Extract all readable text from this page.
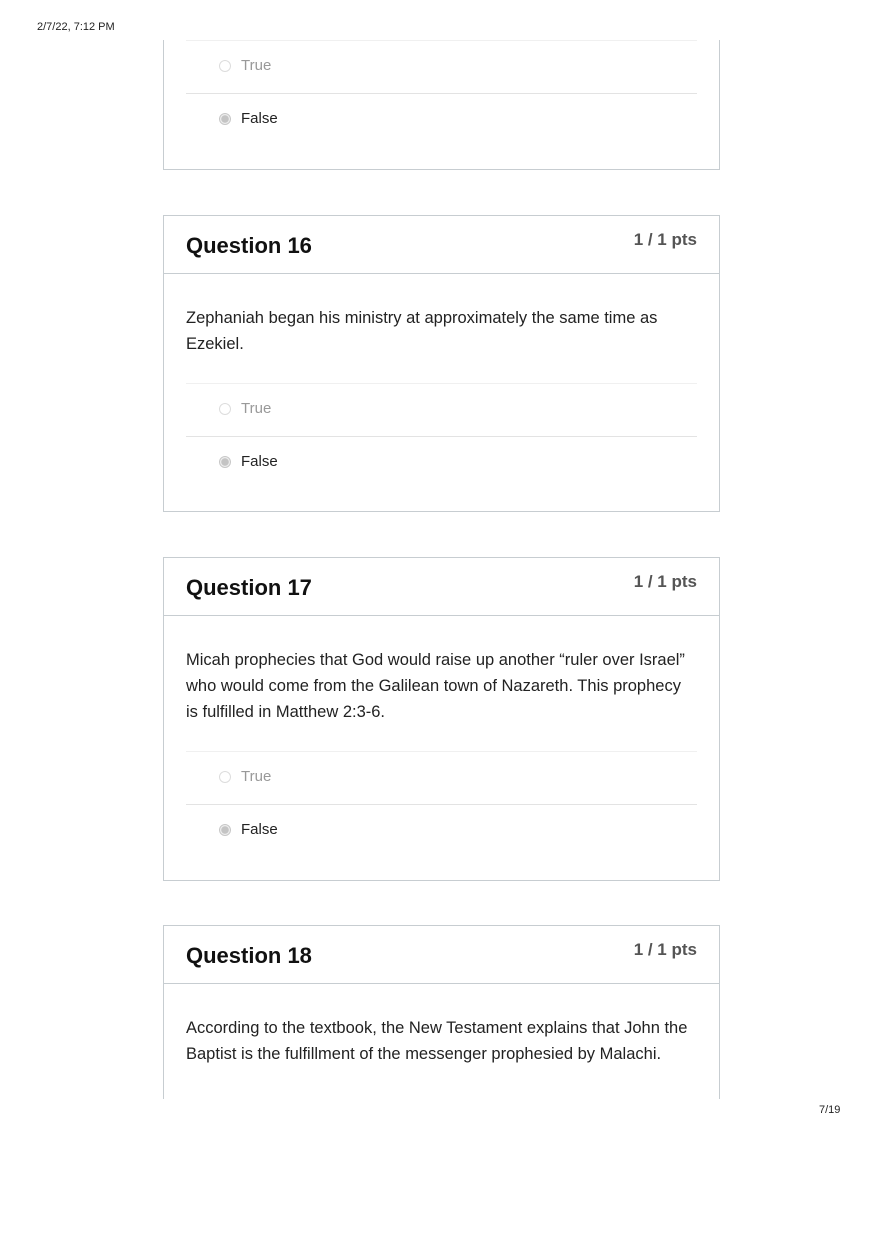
2/7/22, 7:12 PM
7/19
True
False
Question 16	1 / 1 pts
Zephaniah began his ministry at approximately the same time as Ezekiel.
True
False
Question 17	1 / 1 pts
Micah prophecies that God would raise up another “ruler over Israel” who would come from the Galilean town of Nazareth. This prophecy is fulfilled in Matthew 2:3-6.
True
False
Question 18	1 / 1 pts
According to the textbook, the New Testament explains that John the Baptist is the fulfillment of the messenger prophesied by Malachi.
